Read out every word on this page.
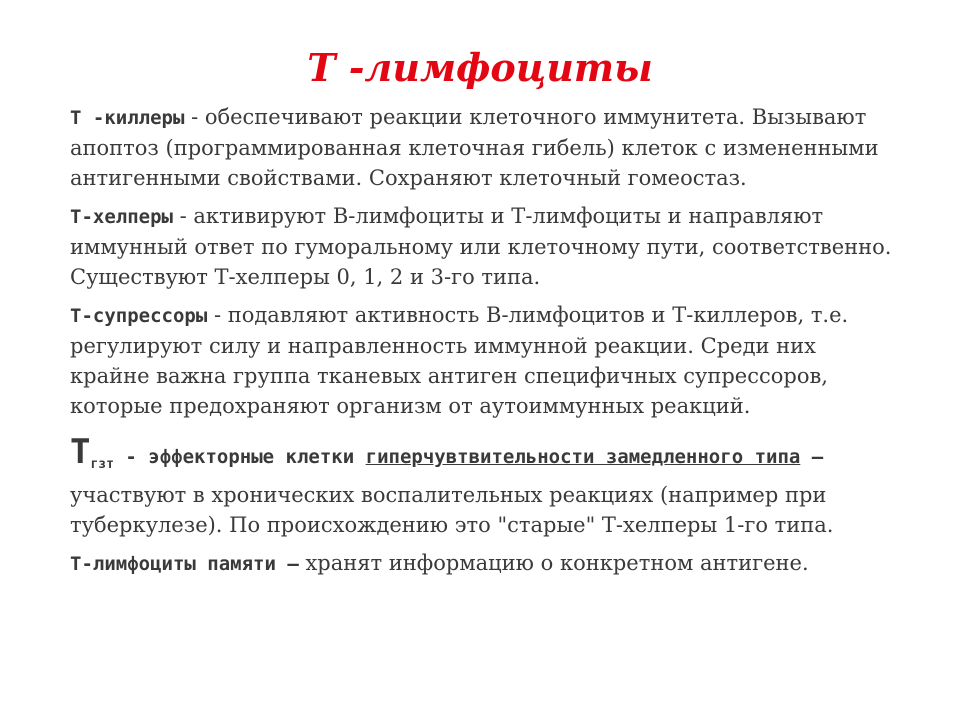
Т -лимфоциты

Т -киллеры - обеспечивают реакции клеточного иммунитета. Вызывают апоптоз (программированная клеточная гибель) клеток с измененными антигенными свойствами. Сохраняют клеточный гомеостаз.

Т-хелперы - активируют В-лимфоциты и Т-лимфоциты и направляют иммунный ответ по гуморальному или клеточному пути, соответственно. Существуют Т-хелперы 0, 1, 2 и 3-го типа.

Т-супрессоры - подавляют активность В-лимфоцитов и Т-киллеров, т.е. регулируют силу и направленность иммунной реакции. Среди них крайне важна группа тканевых антиген специфичных супрессоров, которые предохраняют организм от аутоиммунных реакций.

$Т_{гзт}$ - эффекторные клетки гиперчувтвительности замедленного типа – участвуют в хронических воспалительных реакциях (например при туберкулезе). По происхождению это "старые" Т-хелперы 1-го типа.

Т-лимфоциты памяти – хранят информацию о конкретном антигене.
